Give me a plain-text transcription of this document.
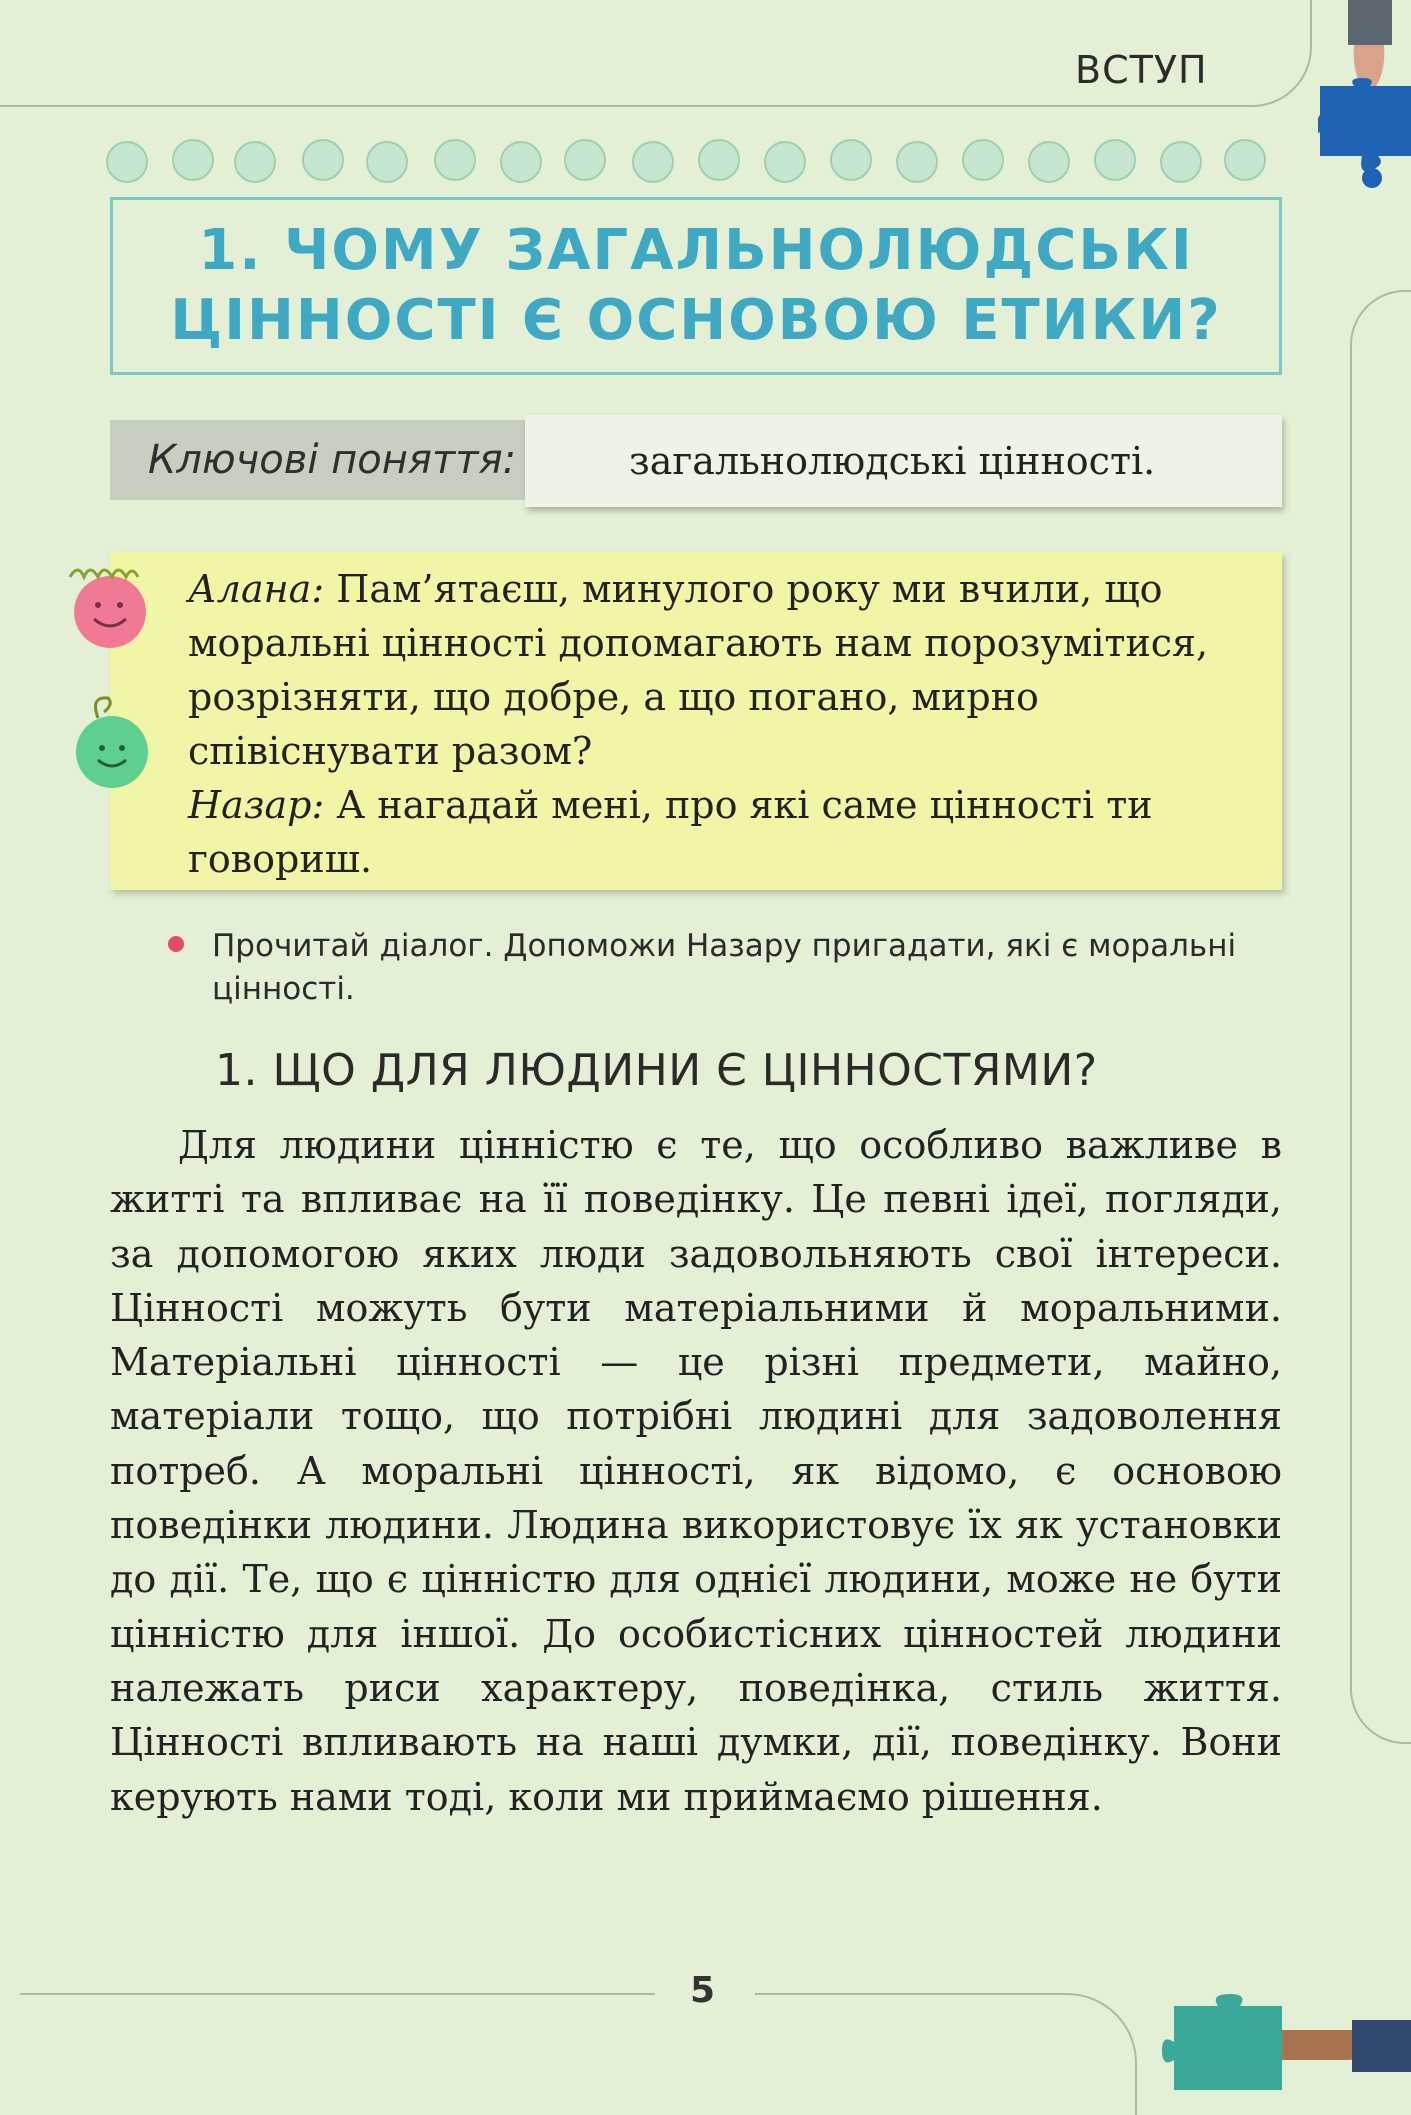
ВСТУП
1. ЧОМУ ЗАГАЛЬНОЛЮДСЬКІ
ЦІННОСТІ Є ОСНОВОЮ ЕТИКИ?
Ключові поняття:	загальнолюдські цінності.

Алана: Пам’ятаєш, минулого року ми вчили, що моральні цінності допомагають нам порозумітися, розрізняти, що добре, а що погано, мирно співіснувати разом?

Назар: А нагадай мені, про які саме цінності ти говориш.

Прочитай діалог. Допоможи Назару пригадати, які є моральні цінності.
1. ЩО ДЛЯ ЛЮДИНИ Є ЦІННОСТЯМИ?
Для людини цінністю є те, що особливо важливе в житті та впливає на її поведінку. Це певні ідеї, погляди, за допомогою яких люди задовольняють свої інтереси. Цінності можуть бути матеріальними й моральними. Матеріальні цінності — це різні предмети, майно, матеріали тощо, що потрібні людині для задоволення потреб. А моральні цінності, як відомо, є основою поведінки людини. Людина використовує їх як установки до дії. Те, що є цінністю для однієї людини, може не бути цінністю для іншої. До особистісних цінностей людини належать риси характеру, поведінка, стиль життя. Цінності впливають на наші думки, дії, поведінку. Вони керують нами тоді, коли ми приймаємо рішення.
5
